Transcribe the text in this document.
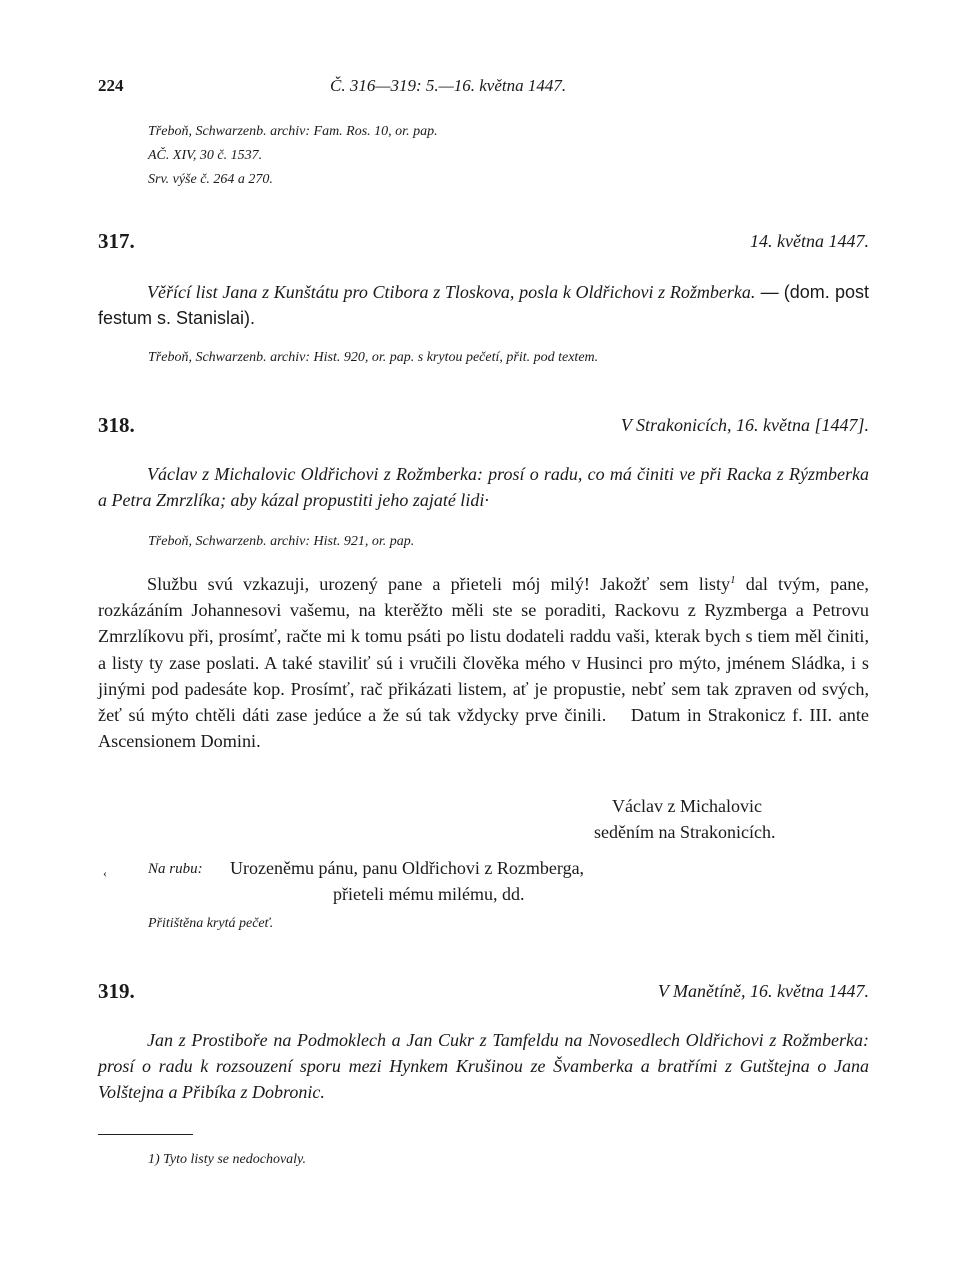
224	Č. 316—319: 5.—16. května 1447.
Třeboň, Schwarzenb. archiv: Fam. Ros. 10, or. pap.
AČ. XIV, 30 č. 1537.
Srv. výše č. 264 a 270.
317.	14. května 1447.
Věřící list Jana z Kunštátu pro Ctibora z Tloskova, posla k Oldřichovi z Rožmberka. — (dom. post festum s. Stanislai).
Třeboň, Schwarzenb. archiv: Hist. 920, or. pap. s krytou pečetí, přit. pod textem.
318.	V Strakonicích, 16. května [1447].
Václav z Michalovic Oldřichovi z Rožmberka: prosí o radu, co má činiti ve při Racka z Rýzmberka a Petra Zmrzlíka; aby kázal propustiti jeho zajaté lidi·
Třeboň, Schwarzenb. archiv: Hist. 921, or. pap.
Službu svú vzkazuji, urozený pane a přieteli mój milý! Jakožť sem listy$^1$ dal tvým, pane, rozkázáním Johannesovi vašemu, na kterěžto měli ste se poraditi, Rackovu z Ryzmberga a Petrovu Zmrzlíkovu při, prosímť, račte mi k tomu psáti po listu dodateli raddu vaši, kterak bych s tiem měl činiti, a listy ty zase poslati. A také staviliť sú i vručili člověka mého v Husinci pro mýto, jménem Sládka, i s jinými pod padesáte kop. Prosímť, rač přikázati listem, ať je propustie, nebť sem tak zpraven od svých, žeť sú mýto chtěli dáti zase jedúce a že sú tak vždycky prve činili. Datum in Strakonicz f. III. ante Ascensionem Domini.
Václav z Michalovic
seděním na Strakonicích.
‹	Na rubu: Urozeněmu pánu, panu Oldřichovi z Rozmberga,
přieteli mému milému, dd.
Přitištěna krytá pečeť.
319.	V Manětíně, 16. května 1447.
Jan z Prostiboře na Podmoklech a Jan Cukr z Tamfeldu na Novosedlech Oldřichovi z Rožmberka: prosí o radu k rozsouzení sporu mezi Hynkem Krušinou ze Švamberka a bratřími z Gutštejna o Jana Volštejna a Přibíka z Dobronic.
1) Tyto listy se nedochovaly.
